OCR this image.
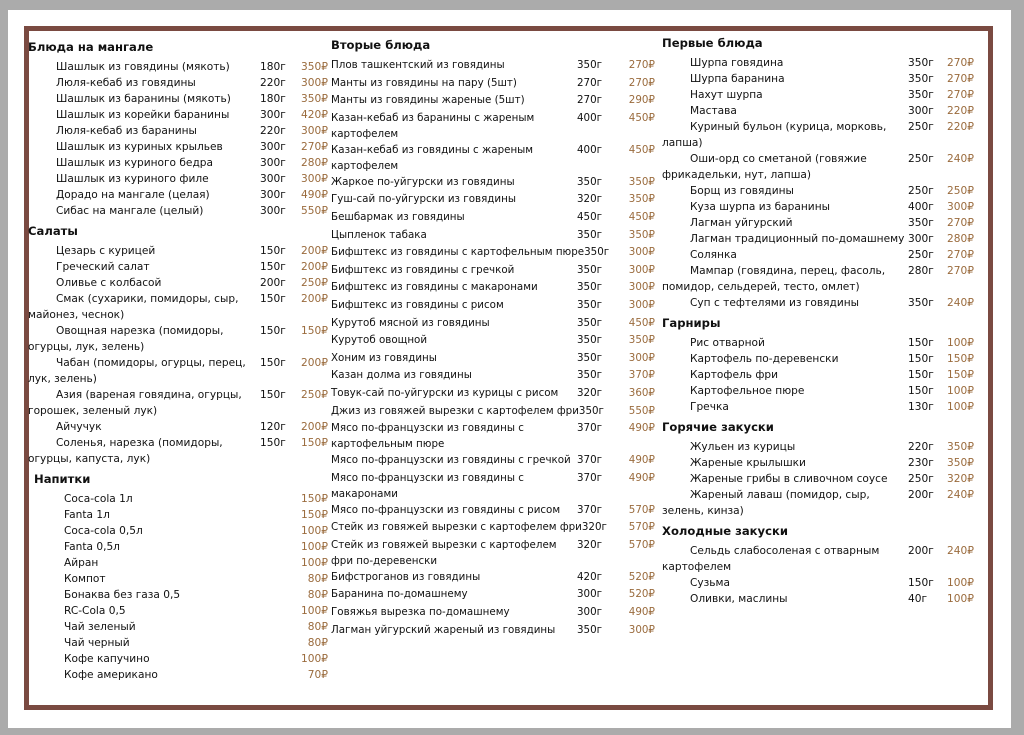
Блюда на мангале
Шашлык из говядины (мякоть)	180г	350₽
Люля-кебаб из говядины	220г	300₽
Шашлык из баранины (мякоть)	180г	350₽
Шашлык из корейки баранины	300г	420₽
Люля-кебаб из баранины	220г	300₽
Шашлык из куриных крыльев	300г	270₽
Шашлык из куриного бедра	300г	280₽
Шашлык из куриного филе	300г	300₽
Дорадо на мангале (целая)	300г	490₽
Сибас на мангале (целый)	300г	550₽
Салаты
Цезарь с курицей	150г	200₽
Греческий салат	150г	200₽
Оливье с колбасой	200г	250₽
Смак (сухарики, помидоры, сыр, майонез, чеснок)
150г	200₽
Овощная нарезка (помидоры, огурцы, лук, зелень)
150г	150₽
Чабан (помидоры, огурцы, перец, лук, зелень)
150г	200₽
Азия (вареная говядина, огурцы, горошек, зеленый лук)
150г	250₽
Айчучук	120г	200₽
Соленья, нарезка (помидоры, огурцы, капуста, лук)
150г	150₽
Напитки
Coca-cola 1л	150₽
Fanta 1л	150₽
Coca-cola 0,5л	100₽
Fanta 0,5л	100₽
Айран	100₽
Компот	80₽
Бонаква без газа 0,5	80₽
RC-Cola 0,5	100₽
Чай зеленый	80₽
Чай черный	80₽
Кофе капучино	100₽
Кофе американо	70₽
Вторые блюда
Плов ташкентский из говядины	350г	270₽
Манты из говядины на пару (5шт)	270г	270₽
Манты из говядины жареные (5шт)	270г	290₽
Казан-кебаб из баранины с жареным картофелем
400г	450₽
Казан-кебаб из говядины с жареным картофелем
400г	450₽
Жаркое по-уйгурски из говядины	350г	350₽
Гуш-сай по-уйгурски из говядины	320г	350₽
Бешбармак из говядины	450г	450₽
Цыпленок табака	350г	350₽
Бифштекс из говядины с картофельным пюре 350г	300₽
Бифштекс из говядины с гречкой	350г	300₽
Бифштекс из говядины с макаронами	350г	300₽
Бифштекс из говядины с рисом	350г	300₽
Курутоб мясной из говядины	350г	450₽
Курутоб овощной	350г	350₽
Хоним из говядины	350г	300₽
Казан долма из говядины	350г	370₽
Товук-сай по-уйгурски из курицы с рисом	320г	360₽
Джиз из говяжей вырезки с картофелем фри 350г	550₽
Мясо по-французски из говядины с картофельным пюре
370г	490₽
Мясо по-французски из говядины с гречкой 370г	490₽
Мясо по-французски из говядины с макаронами
370г	490₽
Мясо по-французски из говядины с рисом	370г	570₽
Стейк из говяжей вырезки с картофелем фри 320г	570₽
Стейк из говяжей вырезки с картофелем фри по-деревенски
320г	570₽
Бифстроганов из говядины	420г	520₽
Баранина по-домашнему	300г	520₽
Говяжья вырезка по-домашнему	300г	490₽
Лагман уйгурский жареный из говядины	350г	300₽
Первые блюда
Шурпа говядина	350г	270₽
Шурпа баранина	350г	270₽
Нахут шурпа	350г	270₽
Мастава	300г	220₽
Куриный бульон (курица, морковь, лапша)
250г	220₽
Оши-орд со сметаной (говяжие фрикадельки, нут, лапша)
250г	240₽
Борщ из говядины	250г	250₽
Куза шурпа из баранины	400г	300₽
Лагман уйгурский	350г	270₽
Лагман традиционный по-домашнему 300г	280₽
Солянка	250г	270₽
Мампар (говядина, перец, фасоль, помидор, сельдерей, тесто, омлет)
280г	270₽
Суп с тефтелями из говядины	350г	240₽
Гарниры
Рис отварной	150г	100₽
Картофель по-деревенски	150г	150₽
Картофель фри	150г	150₽
Картофельное пюре	150г	100₽
Гречка	130г	100₽
Горячие закуски
Жульен из курицы	220г	350₽
Жареные крылышки	230г	350₽
Жареные грибы в сливочном соусе	250г	320₽
Жареный лаваш (помидор, сыр, зелень, кинза)
200г	240₽
Холодные закуски
Сельдь слабосоленая с отварным картофелем
200г	240₽
Сузьма	150г	100₽
Оливки, маслины	40г	100₽
